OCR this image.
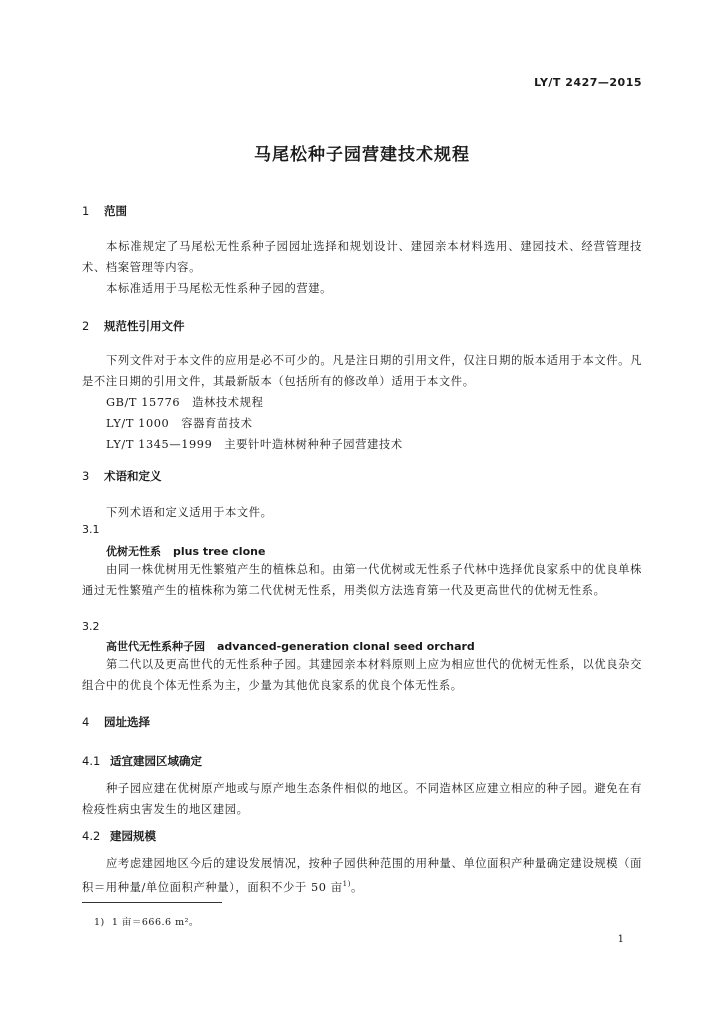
LY/T 2427—2015
马尾松种子园营建技术规程
1 范围
本标准规定了马尾松无性系种子园园址选择和规划设计、建园亲本材料选用、建园技术、经营管理技术、档案管理等内容。
本标准适用于马尾松无性系种子园的营建。
2 规范性引用文件
下列文件对于本文件的应用是必不可少的。凡是注日期的引用文件，仅注日期的版本适用于本文件。凡是不注日期的引用文件，其最新版本（包括所有的修改单）适用于本文件。
GB/T 15776　造林技术规程
LY/T 1000　容器育苗技术
LY/T 1345—1999　主要针叶造林树种种子园营建技术
3 术语和定义
下列术语和定义适用于本文件。
3.1
优树无性系 plus tree clone
由同一株优树用无性繁殖产生的植株总和。由第一代优树或无性系子代林中选择优良家系中的优良单株通过无性繁殖产生的植株称为第二代优树无性系，用类似方法选育第一代及更高世代的优树无性系。
3.2
高世代无性系种子园 advanced-generation clonal seed orchard
第二代以及更高世代的无性系种子园。其建园亲本材料原则上应为相应世代的优树无性系，以优良杂交组合中的优良个体无性系为主，少量为其他优良家系的优良个体无性系。
4 园址选择
4.1 适宜建园区域确定
种子园应建在优树原产地或与原产地生态条件相似的地区。不同造林区应建立相应的种子园。避免在有检疫性病虫害发生的地区建园。
4.2 建园规模
应考虑建园地区今后的建设发展情况，按种子园供种范围的用种量、单位面积产种量确定建设规模（面积＝用种量/单位面积产种量），面积不少于 50 亩$^{1)}$。
1) 1 亩＝666.6 m²。
1
